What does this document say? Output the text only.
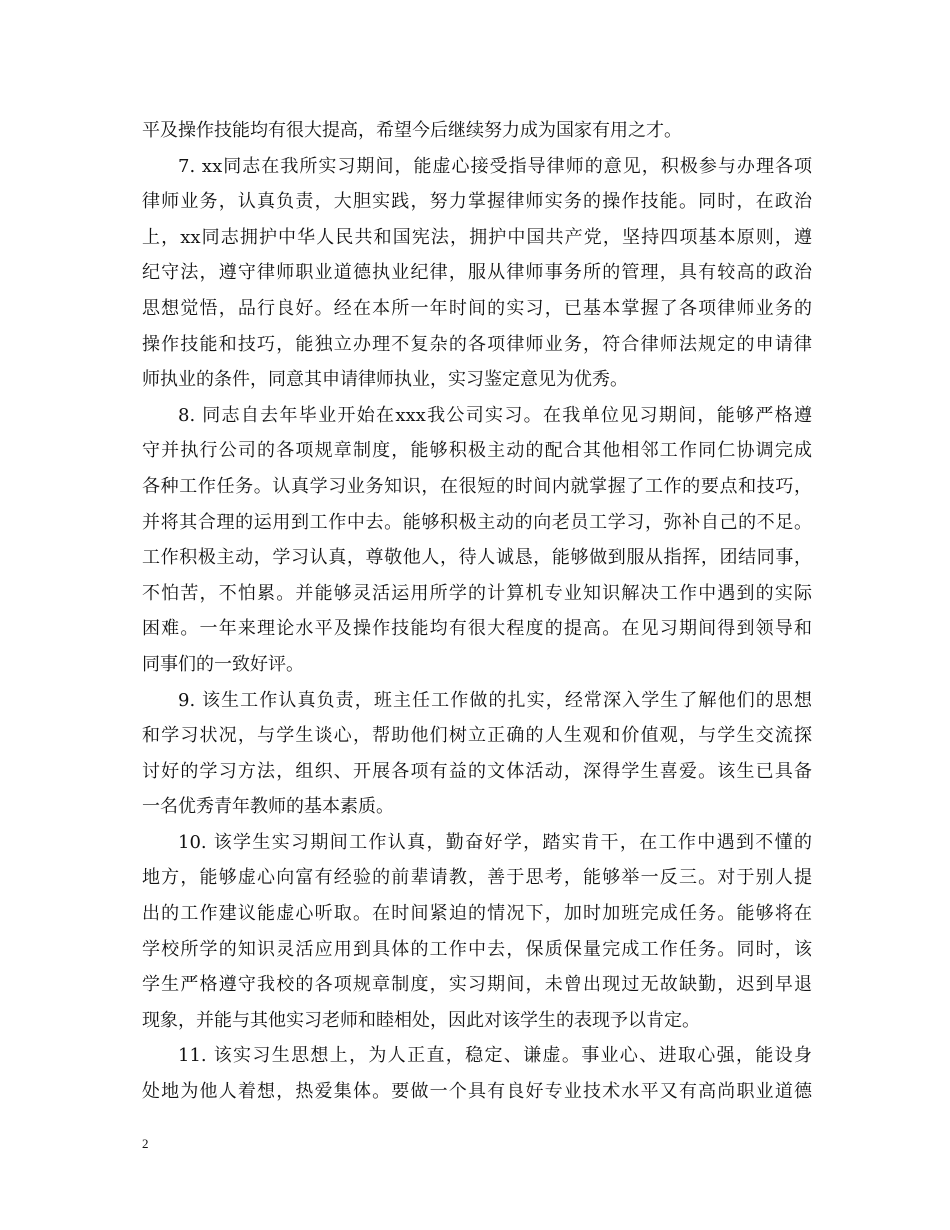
平及操作技能均有很大提高，希望今后继续努力成为国家有用之才。
7. xx同志在我所实习期间，能虚心接受指导律师的意见，积极参与办理各项
律师业务，认真负责，大胆实践，努力掌握律师实务的操作技能。同时，在政治
上，xx同志拥护中华人民共和国宪法，拥护中国共产党，坚持四项基本原则，遵
纪守法，遵守律师职业道德执业纪律，服从律师事务所的管理，具有较高的政治
思想觉悟，品行良好。经在本所一年时间的实习，已基本掌握了各项律师业务的
操作技能和技巧，能独立办理不复杂的各项律师业务，符合律师法规定的申请律
师执业的条件，同意其申请律师执业，实习鉴定意见为优秀。
8. 同志自去年毕业开始在xxx我公司实习。在我单位见习期间，能够严格遵
守并执行公司的各项规章制度，能够积极主动的配合其他相邻工作同仁协调完成
各种工作任务。认真学习业务知识，在很短的时间内就掌握了工作的要点和技巧，
并将其合理的运用到工作中去。能够积极主动的向老员工学习，弥补自己的不足。
工作积极主动，学习认真，尊敬他人，待人诚恳，能够做到服从指挥，团结同事，
不怕苦，不怕累。并能够灵活运用所学的计算机专业知识解决工作中遇到的实际
困难。一年来理论水平及操作技能均有很大程度的提高。在见习期间得到领导和
同事们的一致好评。
9. 该生工作认真负责，班主任工作做的扎实，经常深入学生了解他们的思想
和学习状况，与学生谈心，帮助他们树立正确的人生观和价值观，与学生交流探
讨好的学习方法，组织、开展各项有益的文体活动，深得学生喜爱。该生已具备
一名优秀青年教师的基本素质。
10. 该学生实习期间工作认真，勤奋好学，踏实肯干，在工作中遇到不懂的
地方，能够虚心向富有经验的前辈请教，善于思考，能够举一反三。对于别人提
出的工作建议能虚心听取。在时间紧迫的情况下，加时加班完成任务。能够将在
学校所学的知识灵活应用到具体的工作中去，保质保量完成工作任务。同时，该
学生严格遵守我校的各项规章制度，实习期间，未曾出现过无故缺勤，迟到早退
现象，并能与其他实习老师和睦相处，因此对该学生的表现予以肯定。
11. 该实习生思想上，为人正直，稳定、谦虚。事业心、进取心强，能设身
处地为他人着想，热爱集体。要做一个具有良好专业技术水平又有高尚职业道德
2
